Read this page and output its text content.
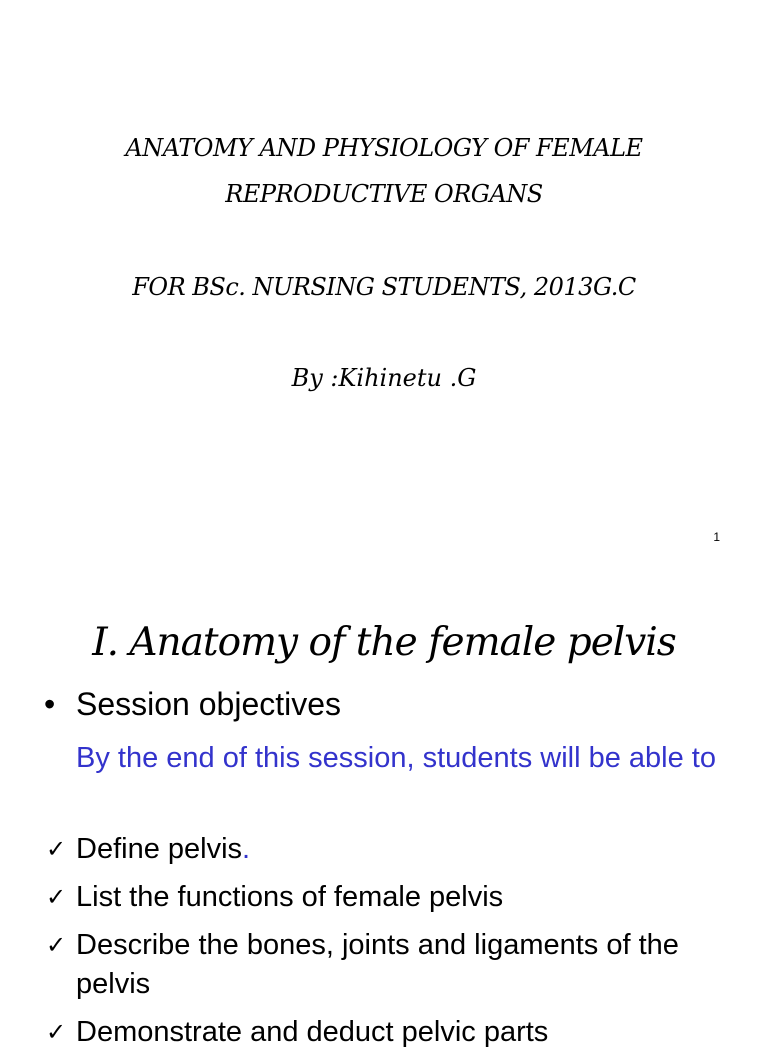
ANATOMY AND PHYSIOLOGY OF FEMALE
REPRODUCTIVE ORGANS

FOR BSc. NURSING STUDENTS, 2013G.C

By :Kihinetu .G

1
I. Anatomy of the female pelvis
• Session objectives

By the end of this session, students will be able to

✓ Define pelvis.
✓ List the functions of female pelvis
✓ Describe the bones, joints and ligaments of the pelvis
✓ Demonstrate and deduct pelvic parts
